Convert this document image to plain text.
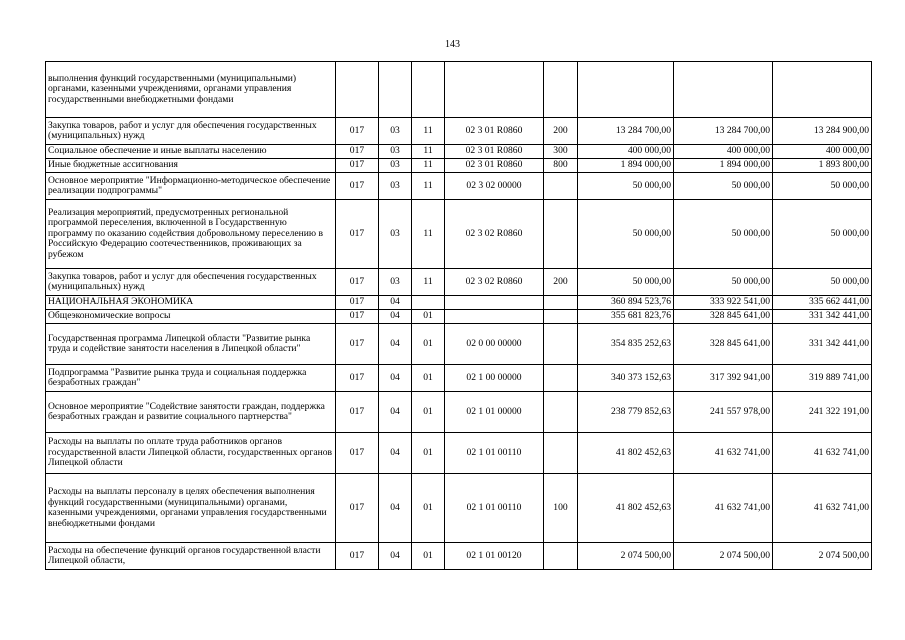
143
выполнения функций государственными (муниципальными) органами, казенными учреждениями, органами управления государственными внебюджетными фондами								
Закупка товаров, работ и услуг для обеспечения государственных (муниципальных) нужд	017	03	11	02 3 01 R0860	200	13 284 700,00	13 284 700,00	13 284 900,00
Социальное обеспечение и иные выплаты населению	017	03	11	02 3 01 R0860	300	400 000,00	400 000,00	400 000,00
Иные бюджетные ассигнования	017	03	11	02 3 01 R0860	800	1 894 000,00	1 894 000,00	1 893 800,00
Основное мероприятие "Информационно-методическое обеспечение реализации подпрограммы"	017	03	11	02 3 02 00000		50 000,00	50 000,00	50 000,00
Реализация мероприятий, предусмотренных региональной программой переселения, включенной в Государственную программу по оказанию содействия добровольному переселению в Российскую Федерацию соотечественников, проживающих за рубежом	017	03	11	02 3 02 R0860		50 000,00	50 000,00	50 000,00
Закупка товаров, работ и услуг для обеспечения государственных (муниципальных) нужд	017	03	11	02 3 02 R0860	200	50 000,00	50 000,00	50 000,00
НАЦИОНАЛЬНАЯ ЭКОНОМИКА	017	04				360 894 523,76	333 922 541,00	335 662 441,00
Общеэкономические вопросы	017	04	01			355 681 823,76	328 845 641,00	331 342 441,00
Государственная программа Липецкой области "Развитие рынка труда и содействие занятости населения в Липецкой области"	017	04	01	02 0 00 00000		354 835 252,63	328 845 641,00	331 342 441,00
Подпрограмма "Развитие рынка труда и социальная поддержка безработных граждан"	017	04	01	02 1 00 00000		340 373 152,63	317 392 941,00	319 889 741,00
Основное мероприятие "Содействие занятости граждан, поддержка безработных граждан и развитие социального партнерства"	017	04	01	02 1 01 00000		238 779 852,63	241 557 978,00	241 322 191,00
Расходы на выплаты по оплате труда работников органов государственной власти Липецкой области, государственных органов Липецкой области	017	04	01	02 1 01 00110		41 802 452,63	41 632 741,00	41 632 741,00
Расходы на выплаты персоналу в целях обеспечения выполнения функций государственными (муниципальными) органами, казенными учреждениями, органами управления государственными внебюджетными фондами	017	04	01	02 1 01 00110	100	41 802 452,63	41 632 741,00	41 632 741,00
Расходы на обеспечение функций органов государственной власти Липецкой области,	017	04	01	02 1 01 00120		2 074 500,00	2 074 500,00	2 074 500,00
